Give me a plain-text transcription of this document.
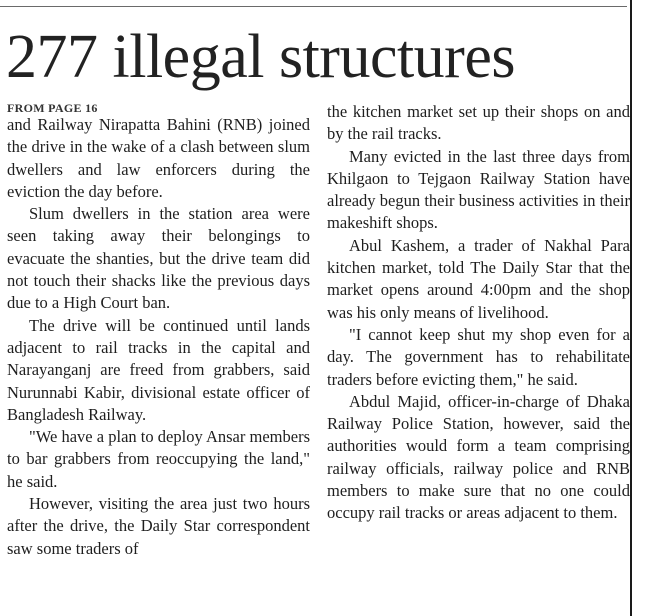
277 illegal structures
FROM PAGE 16

and Railway Nirapatta Bahini (RNB) joined the drive in the wake of a clash between slum dwellers and law enforcers during the eviction the day before.

Slum dwellers in the station area were seen taking away their belongings to evacuate the shanties, but the drive team did not touch their shacks like the previous days due to a High Court ban.

The drive will be continued until lands adjacent to rail tracks in the capital and Narayanganj are freed from grabbers, said Nurunnabi Kabir, divisional estate officer of Bangladesh Railway.

"We have a plan to deploy Ansar members to bar grabbers from reoccupying the land," he said.

However, visiting the area just two hours after the drive, the Daily Star correspondent saw some traders of

the kitchen market set up their shops on and by the rail tracks.

Many evicted in the last three days from Khilgaon to Tejgaon Railway Station have already begun their business activities in their makeshift shops.

Abul Kashem, a trader of Nakhal Para kitchen market, told The Daily Star that the market opens around 4:00pm and the shop was his only means of livelihood.

"I cannot keep shut my shop even for a day. The government has to rehabilitate traders before evicting them," he said.

Abdul Majid, officer-in-charge of Dhaka Railway Police Station, however, said the authorities would form a team comprising railway officials, railway police and RNB members to make sure that no one could occupy rail tracks or areas adjacent to them.
